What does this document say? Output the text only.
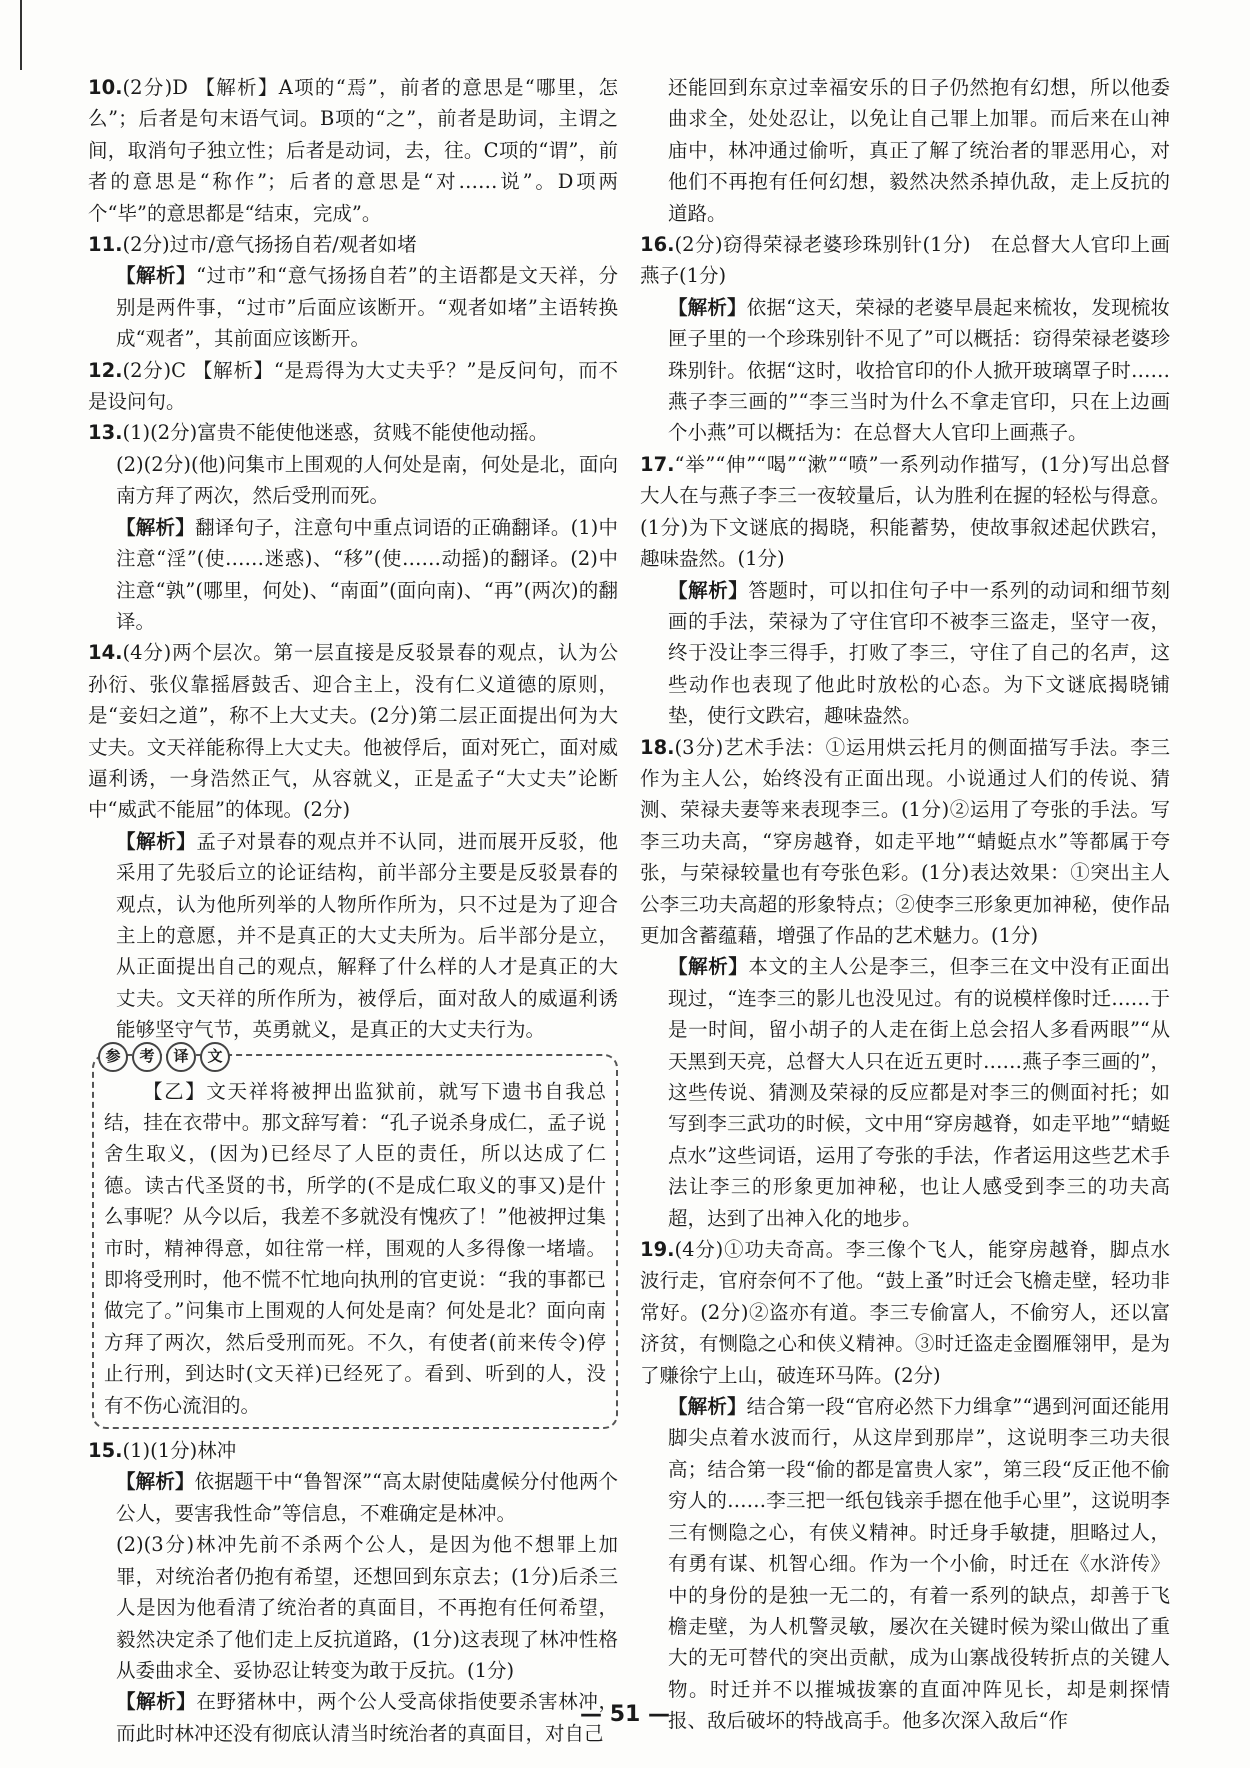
10.(2分)D 【解析】A项的“焉”，前者的意思是“哪里，怎么”；后者是句末语气词。B项的“之”，前者是助词，主谓之间，取消句子独立性；后者是动词，去，往。C项的“谓”，前者的意思是“称作”；后者的意思是“对……说”。D项两个“毕”的意思都是“结束，完成”。

11.(2分)过市/意气扬扬自若/观者如堵

【解析】“过市”和“意气扬扬自若”的主语都是文天祥，分别是两件事，“过市”后面应该断开。“观者如堵”主语转换成“观者”，其前面应该断开。

12.(2分)C 【解析】“是焉得为大丈夫乎？”是反问句，而不是设问句。

13.(1)(2分)富贵不能使他迷惑，贫贱不能使他动摇。

(2)(2分)(他)问集市上围观的人何处是南，何处是北，面向南方拜了两次，然后受刑而死。

【解析】翻译句子，注意句中重点词语的正确翻译。(1)中注意“淫”(使……迷惑)、“移”(使……动摇)的翻译。(2)中注意“孰”(哪里，何处)、“南面”(面向南)、“再”(两次)的翻译。

14.(4分)两个层次。第一层直接是反驳景春的观点，认为公孙衍、张仪靠摇唇鼓舌、迎合主上，没有仁义道德的原则，是“妾妇之道”，称不上大丈夫。(2分)第二层正面提出何为大丈夫。文天祥能称得上大丈夫。他被俘后，面对死亡，面对威逼利诱，一身浩然正气，从容就义，正是孟子“大丈夫”论断中“威武不能屈”的体现。(2分)

【解析】孟子对景春的观点并不认同，进而展开反驳，他采用了先驳后立的论证结构，前半部分主要是反驳景春的观点，认为他所列举的人物所作所为，只不过是为了迎合主上的意愿，并不是真正的大丈夫所为。后半部分是立，从正面提出自己的观点，解释了什么样的人才是真正的大丈夫。文天祥的所作所为，被俘后，面对敌人的威逼利诱能够坚守气节，英勇就义，是真正的大丈夫行为。

参	考	译	文

【乙】文天祥将被押出监狱前，就写下遗书自我总结，挂在衣带中。那文辞写着：“孔子说杀身成仁，孟子说舍生取义，(因为)已经尽了人臣的责任，所以达成了仁德。读古代圣贤的书，所学的(不是成仁取义的事又)是什么事呢？从今以后，我差不多就没有愧疚了！”他被押过集市时，精神得意，如往常一样，围观的人多得像一堵墙。即将受刑时，他不慌不忙地向执刑的官吏说：“我的事都已做完了。”问集市上围观的人何处是南？何处是北？面向南方拜了两次，然后受刑而死。不久，有使者(前来传令)停止行刑，到达时(文天祥)已经死了。看到、听到的人，没有不伤心流泪的。

15.(1)(1分)林冲

【解析】依据题干中“鲁智深”“高太尉使陆虞候分付他两个公人，要害我性命”等信息，不难确定是林冲。

(2)(3分)林冲先前不杀两个公人，是因为他不想罪上加罪，对统治者仍抱有希望，还想回到东京去；(1分)后杀三人是因为他看清了统治者的真面目，不再抱有任何希望，毅然决定杀了他们走上反抗道路，(1分)这表现了林冲性格从委曲求全、妥协忍让转变为敢于反抗。(1分)

【解析】在野猪林中，两个公人受高俅指使要杀害林冲，而此时林冲还没有彻底认清当时统治者的真面目，对自己

还能回到东京过幸福安乐的日子仍然抱有幻想，所以他委曲求全，处处忍让，以免让自己罪上加罪。而后来在山神庙中，林冲通过偷听，真正了解了统治者的罪恶用心，对他们不再抱有任何幻想，毅然决然杀掉仇敌，走上反抗的道路。

16.(2分)窃得荣禄老婆珍珠别针(1分)　在总督大人官印上画燕子(1分)

【解析】依据“这天，荣禄的老婆早晨起来梳妆，发现梳妆匣子里的一个珍珠别针不见了”可以概括：窃得荣禄老婆珍珠别针。依据“这时，收拾官印的仆人掀开玻璃罩子时……燕子李三画的”“李三当时为什么不拿走官印，只在上边画个小燕”可以概括为：在总督大人官印上画燕子。

17.“举”“伸”“喝”“漱”“喷”一系列动作描写，(1分)写出总督大人在与燕子李三一夜较量后，认为胜利在握的轻松与得意。(1分)为下文谜底的揭晓，积能蓄势，使故事叙述起伏跌宕，趣味盎然。(1分)

【解析】答题时，可以扣住句子中一系列的动词和细节刻画的手法，荣禄为了守住官印不被李三盗走，坚守一夜，终于没让李三得手，打败了李三，守住了自己的名声，这些动作也表现了他此时放松的心态。为下文谜底揭晓铺垫，使行文跌宕，趣味盎然。

18.(3分)艺术手法：①运用烘云托月的侧面描写手法。李三作为主人公，始终没有正面出现。小说通过人们的传说、猜测、荣禄夫妻等来表现李三。(1分)②运用了夸张的手法。写李三功夫高，“穿房越脊，如走平地”“蜻蜓点水”等都属于夸张，与荣禄较量也有夸张色彩。(1分)表达效果：①突出主人公李三功夫高超的形象特点；②使李三形象更加神秘，使作品更加含蓄蕴藉，增强了作品的艺术魅力。(1分)

【解析】本文的主人公是李三，但李三在文中没有正面出现过，“连李三的影儿也没见过。有的说模样像时迁……于是一时间，留小胡子的人走在街上总会招人多看两眼”“从天黑到天亮，总督大人只在近五更时……燕子李三画的”，这些传说、猜测及荣禄的反应都是对李三的侧面衬托；如写到李三武功的时候，文中用“穿房越脊，如走平地”“蜻蜓点水”这些词语，运用了夸张的手法，作者运用这些艺术手法让李三的形象更加神秘，也让人感受到李三的功夫高超，达到了出神入化的地步。

19.(4分)①功夫奇高。李三像个飞人，能穿房越脊，脚点水波行走，官府奈何不了他。“鼓上蚤”时迁会飞檐走壁，轻功非常好。(2分)②盗亦有道。李三专偷富人，不偷穷人，还以富济贫，有恻隐之心和侠义精神。③时迁盗走金圈雁翎甲，是为了赚徐宁上山，破连环马阵。(2分)

【解析】结合第一段“官府必然下力缉拿”“遇到河面还能用脚尖点着水波而行，从这岸到那岸”，这说明李三功夫很高；结合第一段“偷的都是富贵人家”，第三段“反正他不偷穷人的……李三把一纸包钱亲手摁在他手心里”，这说明李三有恻隐之心，有侠义精神。时迁身手敏捷，胆略过人，有勇有谋、机智心细。作为一个小偷，时迁在《水浒传》中的身份的是独一无二的，有着一系列的缺点，却善于飞檐走壁，为人机警灵敏，屡次在关键时候为梁山做出了重大的无可替代的突出贡献，成为山寨战役转折点的关键人物。时迁并不以摧城拔寨的直面冲阵见长，却是刺探情报、敌后破坏的特战高手。他多次深入敌后“作

— 51 —
